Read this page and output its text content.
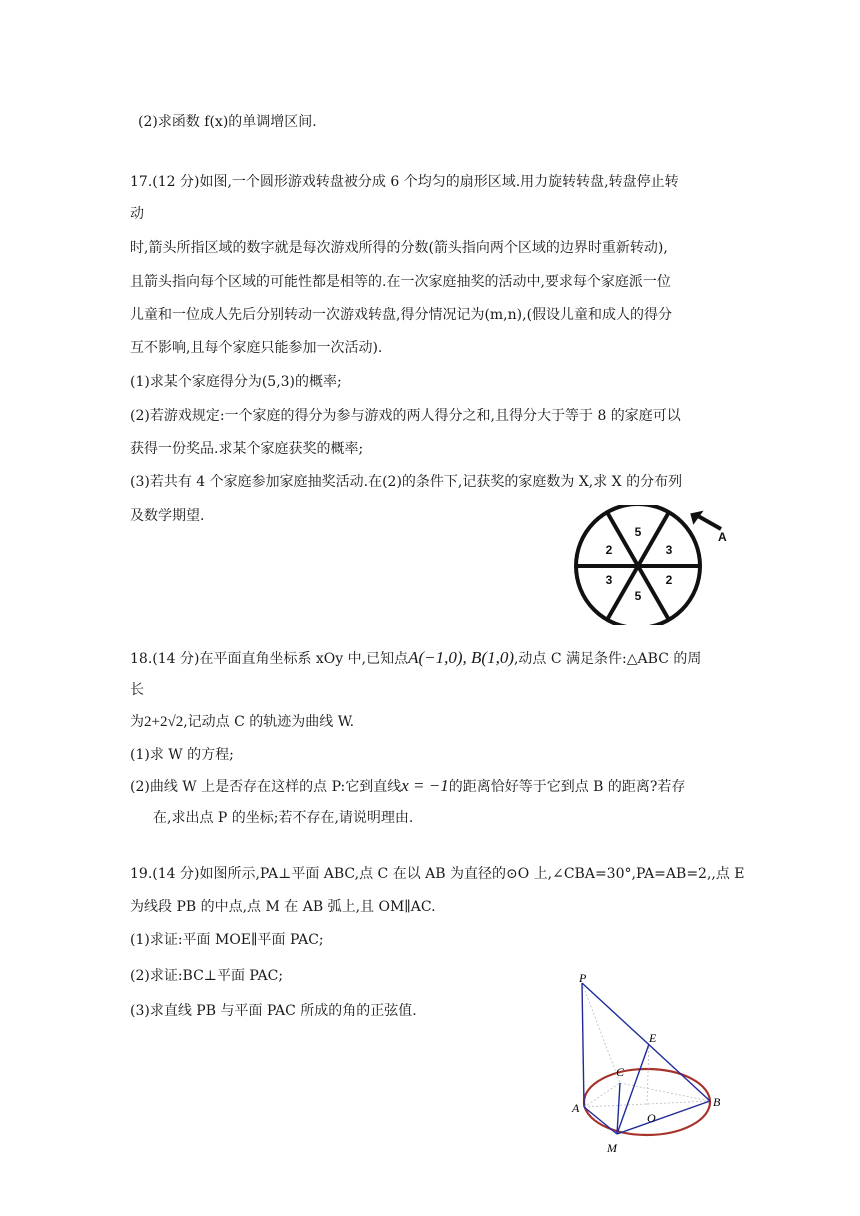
(2)求函数 f(x)的单调增区间.
17.(12 分)如图,一个圆形游戏转盘被分成 6 个均匀的扇形区域.用力旋转转盘,转盘停止转
动
时,箭头所指区域的数字就是每次游戏所得的分数(箭头指向两个区域的边界时重新转动),
且箭头指向每个区域的可能性都是相等的.在一次家庭抽奖的活动中,要求每个家庭派一位
儿童和一位成人先后分别转动一次游戏转盘,得分情况记为(m,n),(假设儿童和成人的得分
互不影响,且每个家庭只能参加一次活动).
(1)求某个家庭得分为(5,3)的概率;
(2)若游戏规定:一个家庭的得分为参与游戏的两人得分之和,且得分大于等于 8 的家庭可以
获得一份奖品.求某个家庭获奖的概率;
(3)若共有 4 个家庭参加家庭抽奖活动.在(2)的条件下,记获奖的家庭数为 X,求 X 的分布列
及数学期望.
5
3
2
5
3	2
A
18.(14 分)在平面直角坐标系 xOy 中,已知点A(−1,0), B(1,0),动点 C 满足条件:△ABC 的周
长
为2+2√2,记动点 C 的轨迹为曲线 W.
(1)求 W 的方程;
(2)曲线 W 上是否存在这样的点 P:它到直线x = −1的距离恰好等于它到点 B 的距离?若存
在,求出点 P 的坐标;若不存在,请说明理由.
19.(14 分)如图所示,PA⊥平面 ABC,点 C 在以 AB 为直径的⊙O 上,∠CBA=30°,PA=AB=2,,点 E
为线段 PB 的中点,点 M 在 AB 弧上,且 OM∥AC.
(1)求证:平面 MOE∥平面 PAC;
(2)求证:BC⊥平面 PAC;
(3)求直线 PB 与平面 PAC 所成的角的正弦值.
P
E
C
A
O
B
M
